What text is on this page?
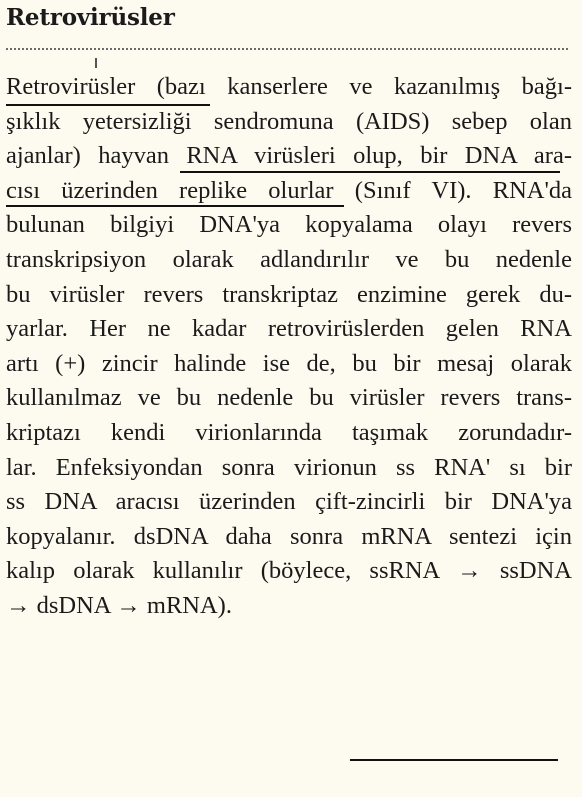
Retrovirüsler
Retrovirüsler (bazı kanserlere ve kazanılmış bağı-
şıklık yetersizliği sendromuna (AIDS) sebep olan
ajanlar) hayvan RNA virüsleri olup, bir DNA ara-
cısı üzerinden replike olurlar (Sınıf VI). RNA'da
bulunan bilgiyi DNA'ya kopyalama olayı revers
transkripsiyon olarak adlandırılır ve bu nedenle
bu virüsler revers transkriptaz enzimine gerek du-
yarlar. Her ne kadar retrovirüslerden gelen RNA
artı (+) zincir halinde ise de, bu bir mesaj olarak
kullanılmaz ve bu nedenle bu virüsler revers trans-
kriptazı kendi virionlarında taşımak zorundadır-
lar. Enfeksiyondan sonra virionun ss RNA' sı bir
ss DNA aracısı üzerinden çift-zincirli bir DNA'ya
kopyalanır. dsDNA daha sonra mRNA sentezi için
kalıp olarak kullanılır (böylece, ssRNA → ssDNA
→ dsDNA → mRNA).
